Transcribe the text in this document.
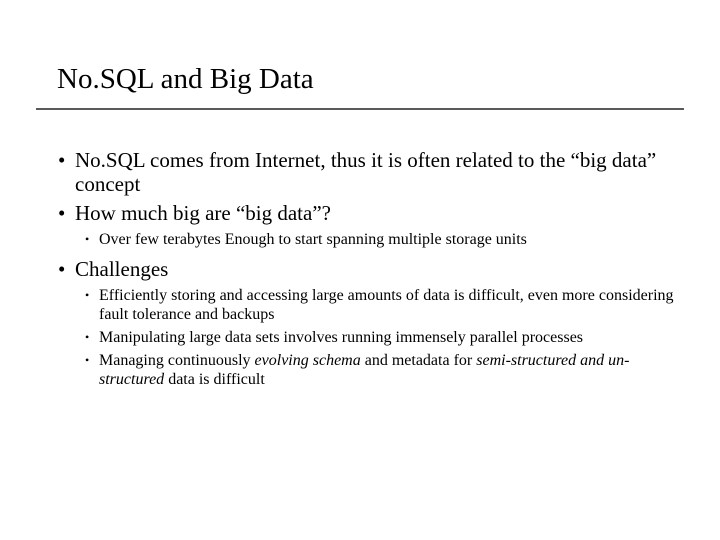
No.SQL and Big Data
• No.SQL comes from Internet, thus it is often related to the “big data” concept
• How much big are “big data”?
• Over few terabytes Enough to start spanning multiple storage units
• Challenges
• Efficiently storing and accessing large amounts of data is difficult, even more considering fault tolerance and backups
• Manipulating large data sets involves running immensely parallel processes
• Managing continuously evolving schema and metadata for semi-structured and un-structured data is difficult
